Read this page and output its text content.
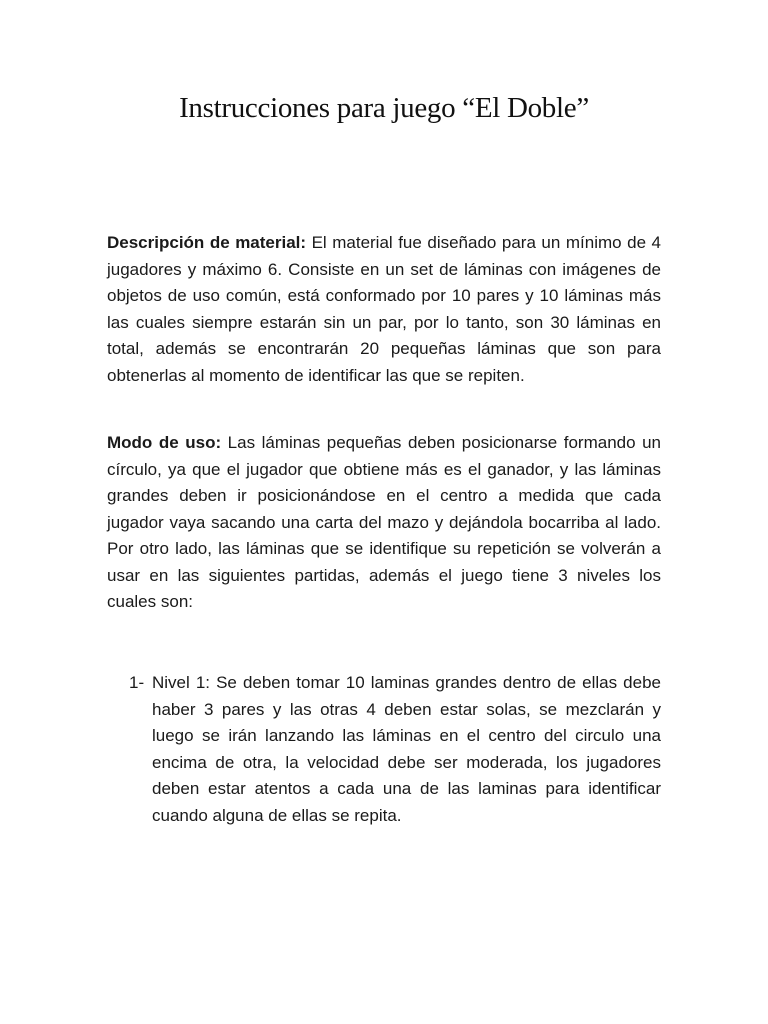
Instrucciones para juego “El Doble”

Descripción de material: El material fue diseñado para un mínimo de 4 jugadores y máximo 6. Consiste en un set de láminas con imágenes de objetos de uso común, está conformado por 10 pares y 10 láminas más las cuales siempre estarán sin un par, por lo tanto, son 30 láminas en total, además se encontrarán 20 pequeñas láminas que son para obtenerlas al momento de identificar las que se repiten.

Modo de uso: Las láminas pequeñas deben posicionarse formando un círculo, ya que el jugador que obtiene más es el ganador, y las láminas grandes deben ir posicionándose en el centro a medida que cada jugador vaya sacando una carta del mazo y dejándola bocarriba al lado. Por otro lado, las láminas que se identifique su repetición se volverán a usar en las siguientes partidas, además el juego tiene 3 niveles los cuales son:

1- Nivel 1: Se deben tomar 10 laminas grandes dentro de ellas debe haber 3 pares y las otras 4 deben estar solas, se mezclarán y luego se irán lanzando las láminas en el centro del circulo una encima de otra, la velocidad debe ser moderada, los jugadores deben estar atentos a cada una de las laminas para identificar cuando alguna de ellas se repita.
